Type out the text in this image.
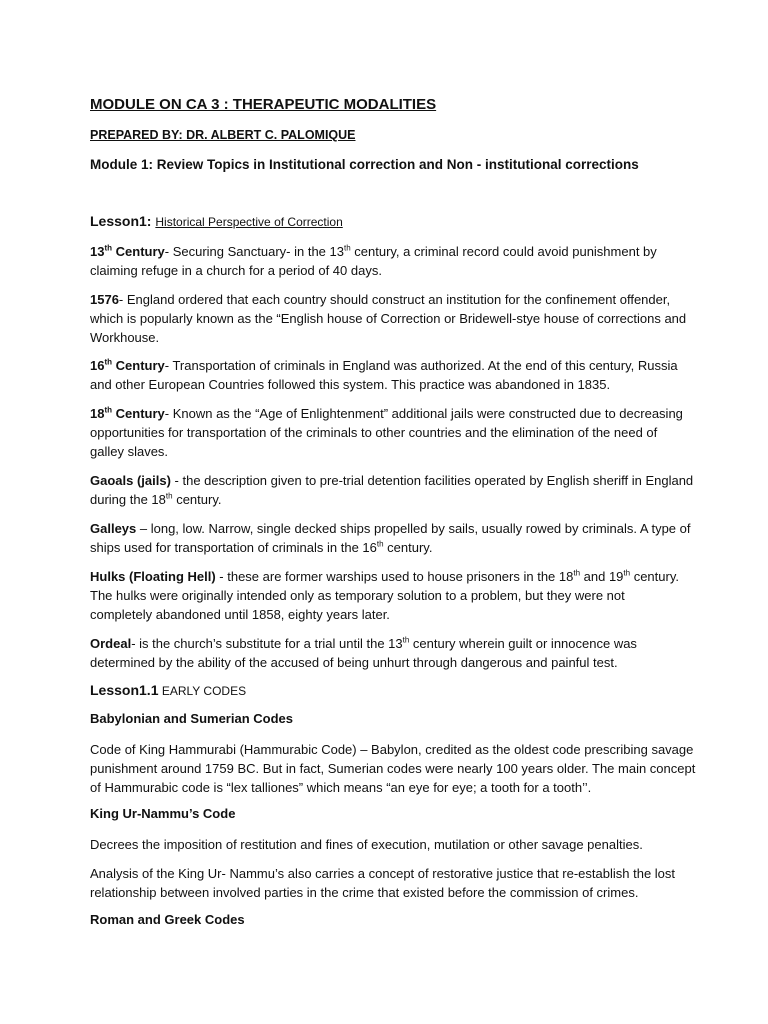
MODULE ON CA 3 : THERAPEUTIC MODALITIES
PREPARED BY: DR. ALBERT C. PALOMIQUE
Module 1: Review Topics in Institutional correction and Non - institutional corrections
Lesson1: Historical Perspective of Correction
13th Century- Securing Sanctuary- in the 13th century, a criminal record could avoid punishment by
claiming refuge in a church for a period of 40 days.
1576- England ordered that each country should construct an institution for the confinement offender,
which is popularly known as the “English house of Correction or Bridewell-stye house of corrections and
Workhouse.
16th Century- Transportation of criminals in England was authorized. At the end of this century, Russia
and other European Countries followed this system. This practice was abandoned in 1835.
18th Century- Known as the “Age of Enlightenment” additional jails were constructed due to decreasing
opportunities for transportation of the criminals to other countries and the elimination of the need of
galley slaves.
Gaoals (jails) - the description given to pre-trial detention facilities operated by English sheriff in England
during the 18th century.
Galleys – long, low. Narrow, single decked ships propelled by sails, usually rowed by criminals. A type of
ships used for transportation of criminals in the 16th century.
Hulks (Floating Hell) - these are former warships used to house prisoners in the 18th and 19th century.
The hulks were originally intended only as temporary solution to a problem, but they were not
completely abandoned until 1858, eighty years later.
Ordeal- is the church’s substitute for a trial until the 13th century wherein guilt or innocence was
determined by the ability of the accused of being unhurt through dangerous and painful test.
Lesson1.1 EARLY CODES
Babylonian and Sumerian Codes
Code of King Hammurabi (Hammurabic Code) – Babylon, credited as the oldest code prescribing savage
punishment around 1759 BC. But in fact, Sumerian codes were nearly 100 years older. The main concept
of Hammurabic code is “lex talliones” which means “an eye for eye; a tooth for a tooth’’.
King Ur-Nammu’s Code
Decrees the imposition of restitution and fines of execution, mutilation or other savage penalties.
Analysis of the King Ur- Nammu’s also carries a concept of restorative justice that re-establish the lost
relationship between involved parties in the crime that existed before the commission of crimes.
Roman and Greek Codes
